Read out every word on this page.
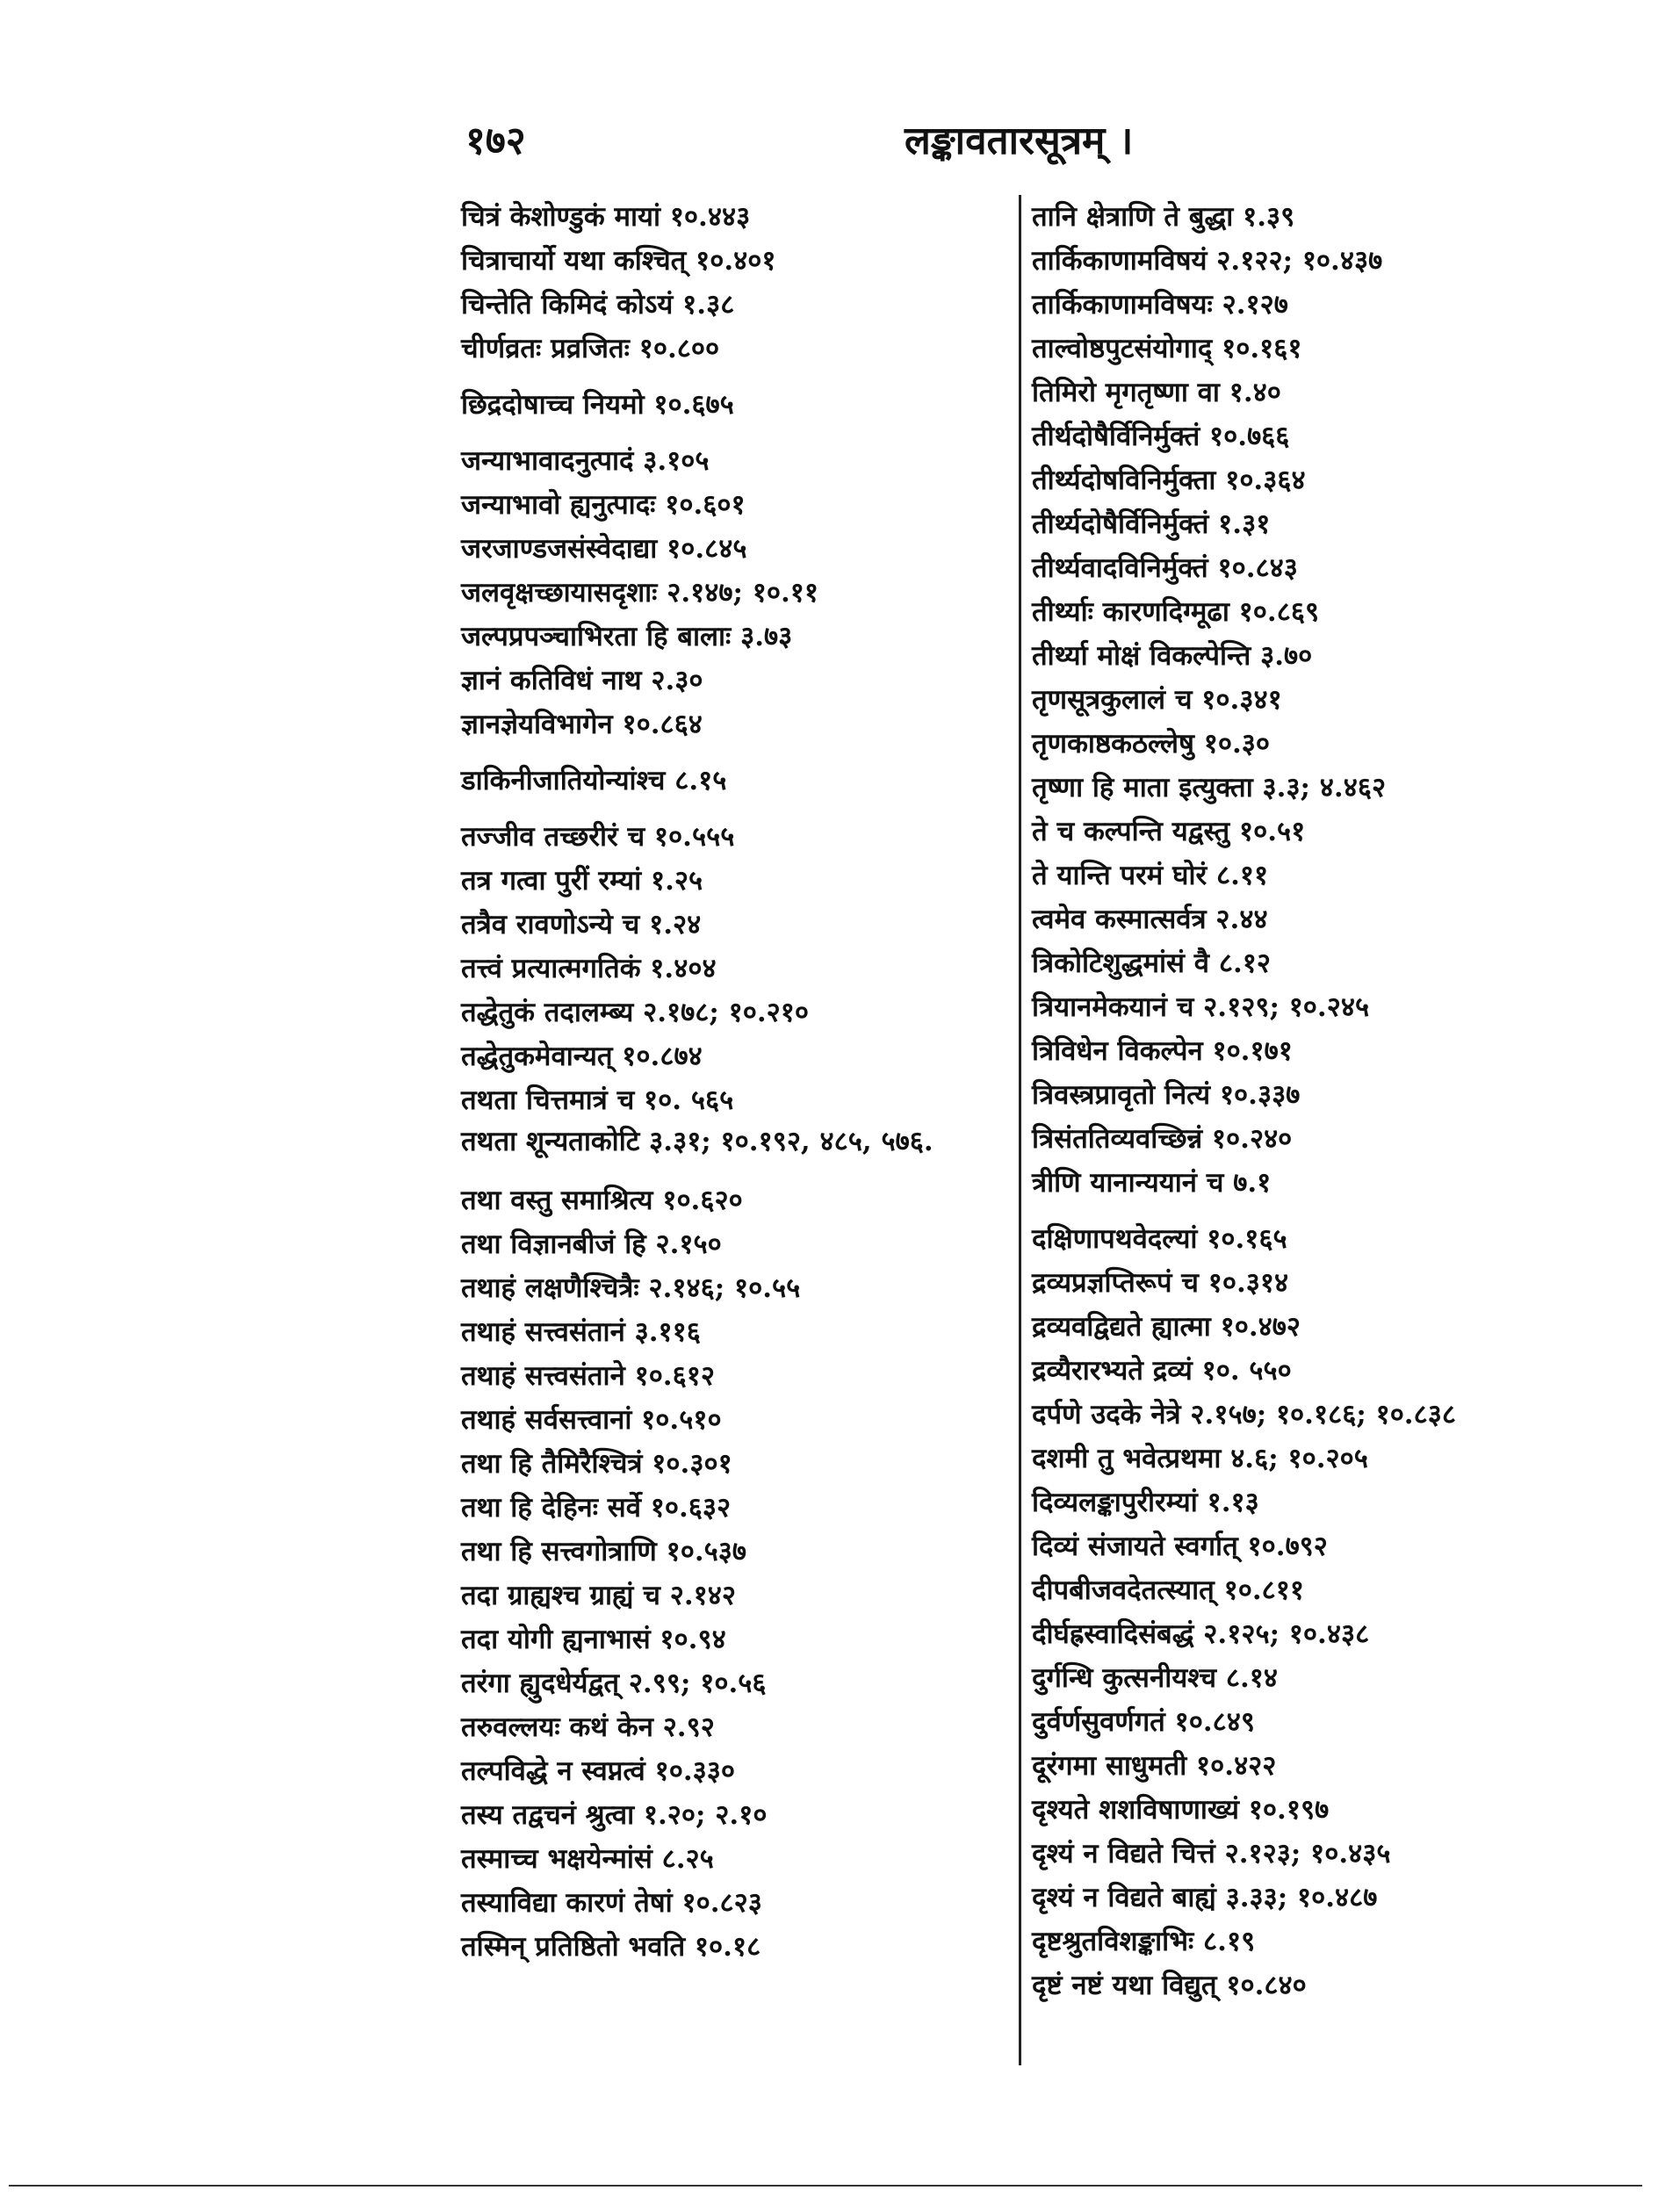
१७२	लङ्कावतारसूत्रम् ।
चित्रं केशोण्डुकं मायां १०.४४३
चित्राचार्यो यथा कश्चित् १०.४०१
चिन्तेति किमिदं कोऽयं १.३८
चीर्णव्रतः प्रव्रजितः १०.८००
छिद्रदोषाच्च नियमो १०.६७५
जन्याभावादनुत्पादं ३.१०५
जन्याभावो ह्यनुत्पादः १०.६०१
जरजाण्डजसंस्वेदाद्या १०.८४५
जलवृक्षच्छायासदृशाः २.१४७; १०.११
जल्पप्रपञ्चाभिरता हि बालाः ३.७३
ज्ञानं कतिविधं नाथ २.३०
ज्ञानज्ञेयविभागेन १०.८६४
डाकिनीजातियोन्यांश्च ८.१५
तज्जीव तच्छरीरं च १०.५५५
तत्र गत्वा पुरीं रम्यां १.२५
तत्रैव रावणोऽन्ये च १.२४
तत्त्वं प्रत्यात्मगतिकं १.४०४
तद्धेतुकं तदालम्ब्य २.१७८; १०.२१०
तद्धेतुकमेवान्यत् १०.८७४
तथता चित्तमात्रं च १०. ५६५
तथता शून्यताकोटि ३.३१; १०.१९२, ४८५, ५७६.
तथा वस्तु समाश्रित्य १०.६२०
तथा विज्ञानबीजं हि २.१५०
तथाहं लक्षणैश्चित्रैः २.१४६; १०.५५
तथाहं सत्त्वसंतानं ३.११६
तथाहं सत्त्वसंताने १०.६१२
तथाहं सर्वसत्त्वानां १०.५१०
तथा हि तैमिरैश्चित्रं १०.३०१
तथा हि देहिनः सर्वे १०.६३२
तथा हि सत्त्वगोत्राणि १०.५३७
तदा ग्राह्यश्च ग्राह्यं च २.१४२
तदा योगी ह्यनाभासं १०.९४
तरंगा ह्युदधेर्यद्वत् २.९९; १०.५६
तरुवल्लयः कथं केन २.९२
तल्पविद्धे न स्वप्नत्वं १०.३३०
तस्य तद्वचनं श्रुत्वा १.२०; २.१०
तस्माच्च भक्षयेन्मांसं ८.२५
तस्याविद्या कारणं तेषां १०.८२३
तस्मिन् प्रतिष्ठितो भवति १०.१८
तानि क्षेत्राणि ते बुद्धा १.३९
तार्किकाणामविषयं २.१२२; १०.४३७
तार्किकाणामविषयः २.१२७
ताल्वोष्ठपुटसंयोगाद् १०.१६१
तिमिरो मृगतृष्णा वा १.४०
तीर्थदोषैर्विनिर्मुक्तं १०.७६६
तीर्थ्यदोषविनिर्मुक्ता १०.३६४
तीर्थ्यदोषैर्विनिर्मुक्तं १.३१
तीर्थ्यवादविनिर्मुक्तं १०.८४३
तीर्थ्याः कारणदिग्मूढा १०.८६९
तीर्थ्या मोक्षं विकल्पेन्ति ३.७०
तृणसूत्रकुलालं च १०.३४१
तृणकाष्ठकठल्लेषु १०.३०
तृष्णा हि माता इत्युक्ता ३.३; ४.४६२
ते च कल्पन्ति यद्वस्तु १०.५१
ते यान्ति परमं घोरं ८.११
त्वमेव कस्मात्सर्वत्र २.४४
त्रिकोटिशुद्धमांसं वै ८.१२
त्रियानमेकयानं च २.१२९; १०.२४५
त्रिविधेन विकल्पेन १०.१७१
त्रिवस्त्रप्रावृतो नित्यं १०.३३७
त्रिसंततिव्यवच्छिन्नं १०.२४०
त्रीणि यानान्ययानं च ७.१
दक्षिणापथवेदल्यां १०.१६५
द्रव्यप्रज्ञप्तिरूपं च १०.३१४
द्रव्यवद्विद्यते ह्यात्मा १०.४७२
द्रव्यैरारभ्यते द्रव्यं १०. ५५०
दर्पणे उदके नेत्रे २.१५७; १०.१८६; १०.८३८
दशमी तु भवेत्प्रथमा ४.६; १०.२०५
दिव्यलङ्कापुरीरम्यां १.१३
दिव्यं संजायते स्वर्गात् १०.७९२
दीपबीजवदेतत्स्यात् १०.८११
दीर्घह्रस्वादिसंबद्धं २.१२५; १०.४३८
दुर्गन्धि कुत्सनीयश्च ८.१४
दुर्वर्णसुवर्णगतं १०.८४९
दूरंगमा साधुमती १०.४२२
दृश्यते शशविषाणाख्यं १०.१९७
दृश्यं न विद्यते चित्तं २.१२३; १०.४३५
दृश्यं न विद्यते बाह्यं ३.३३; १०.४८७
दृष्टश्रुतविशङ्काभिः ८.१९
दृष्टं नष्टं यथा विद्युत् १०.८४०
